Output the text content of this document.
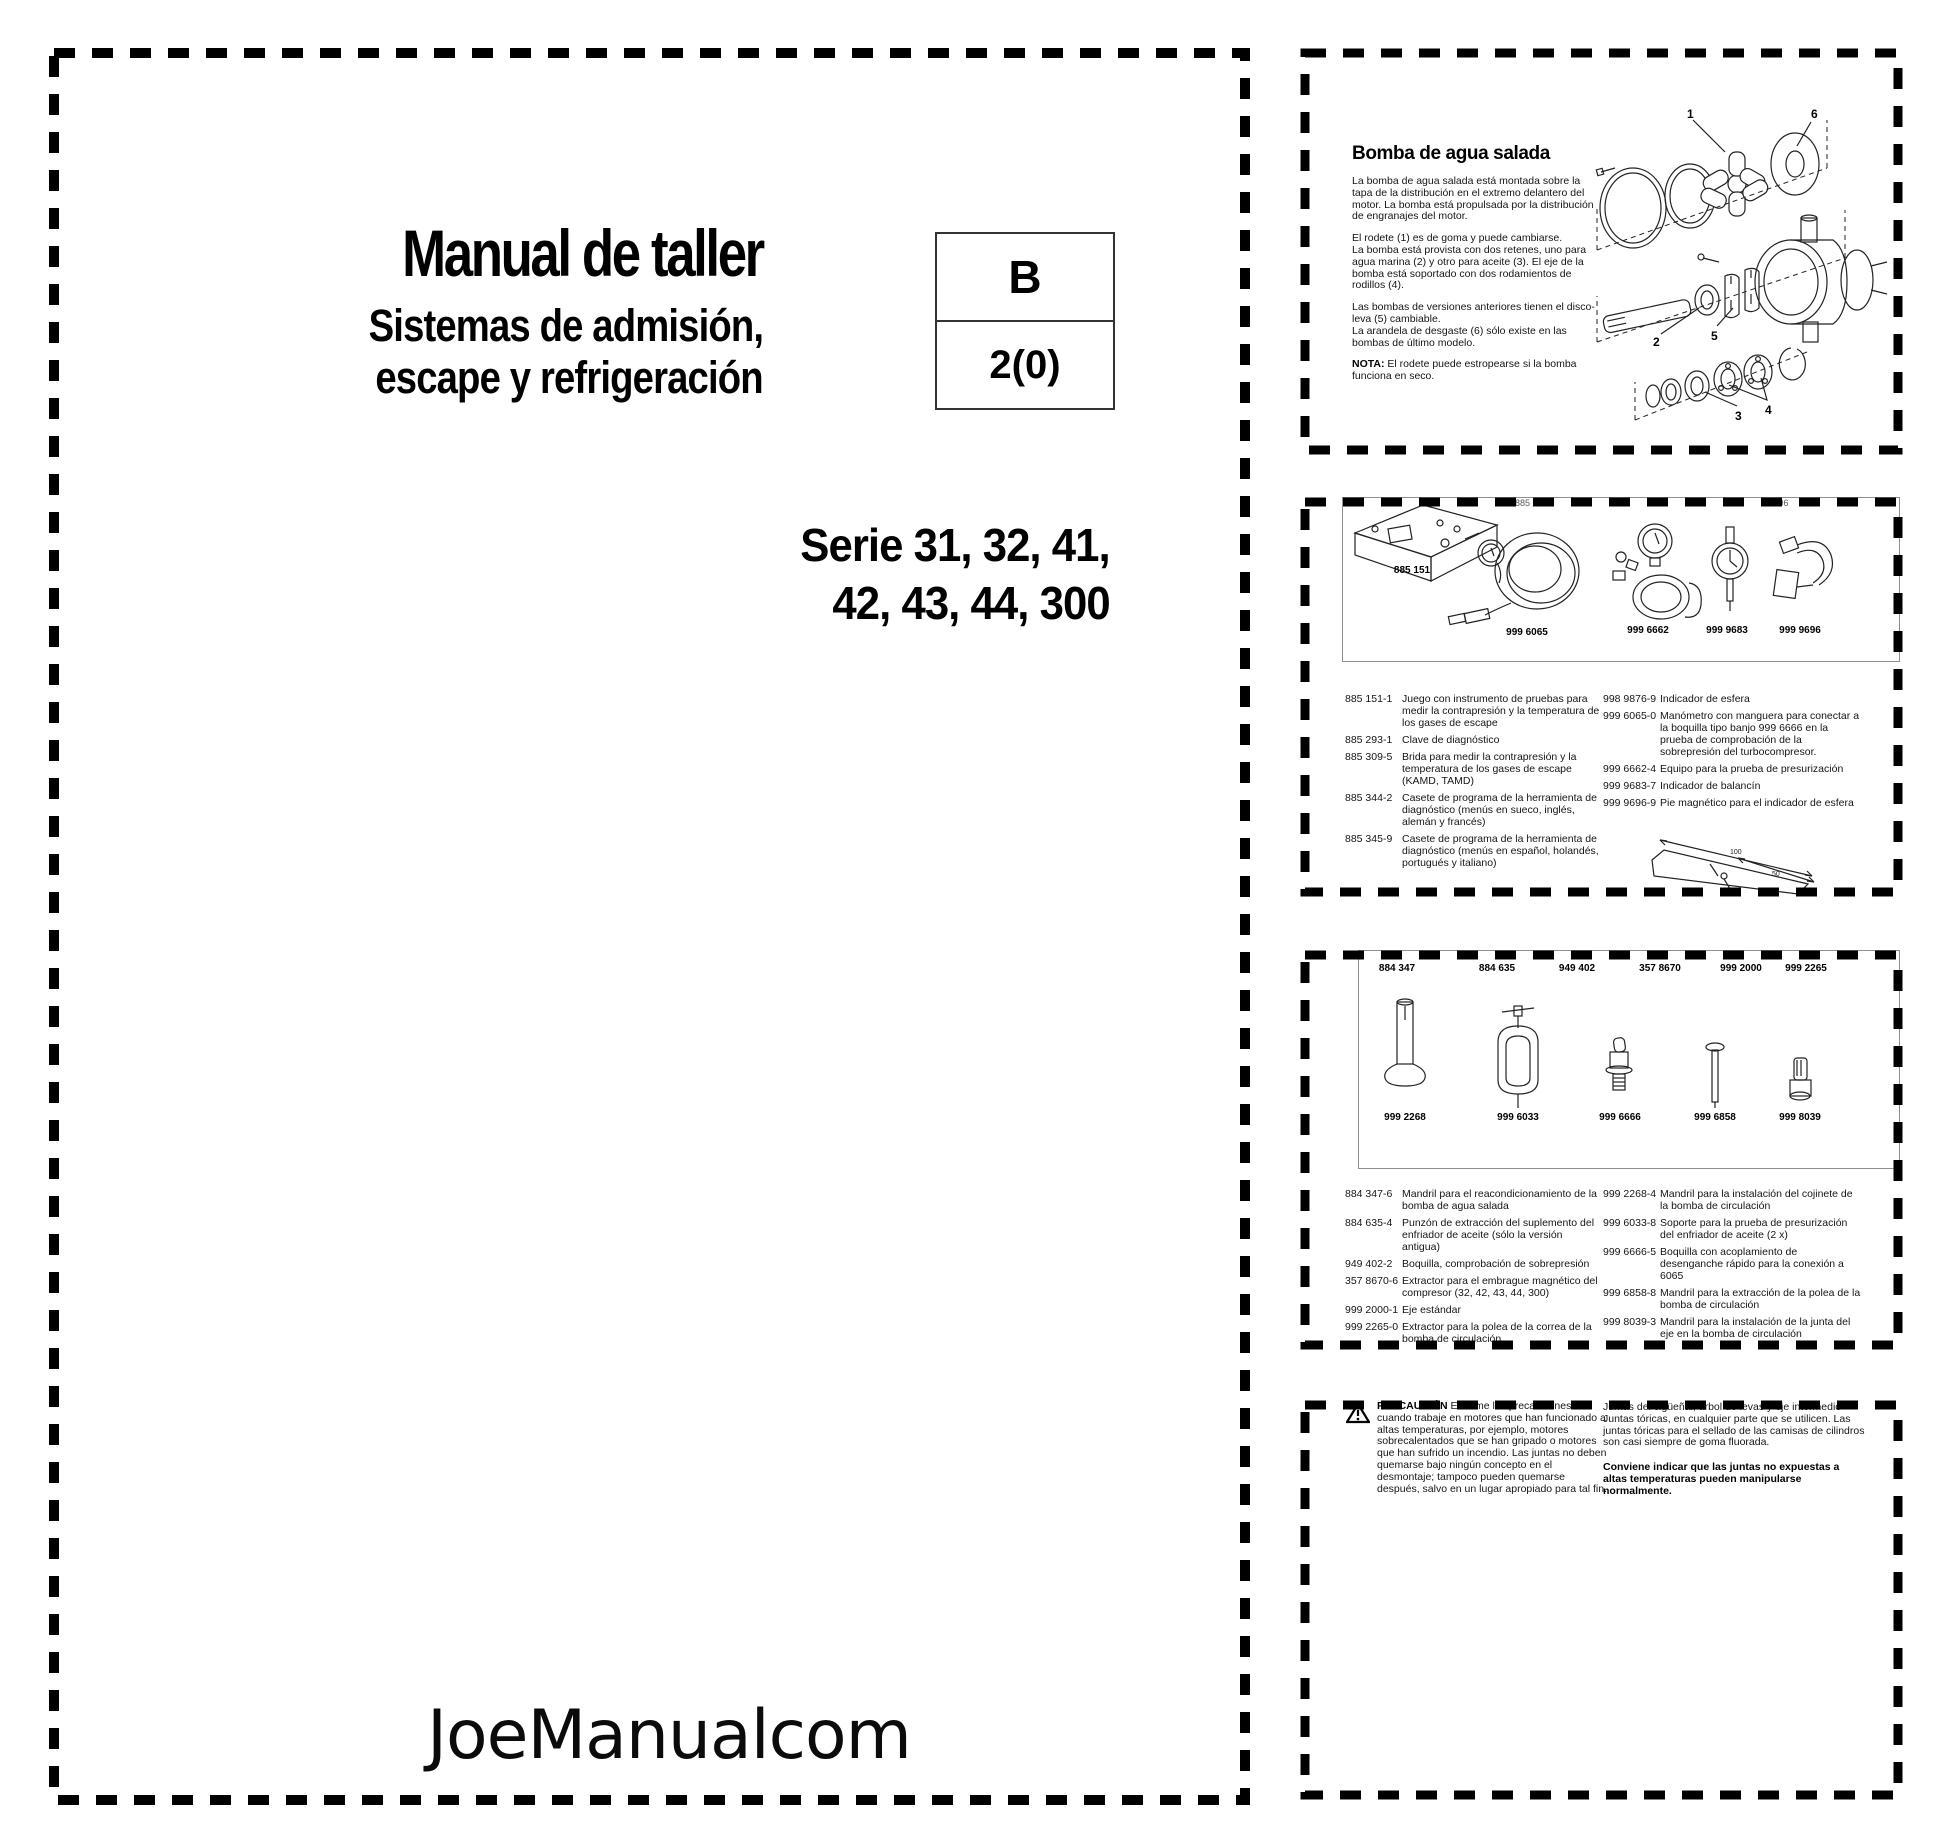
Manual de taller
Sistemas de admisión,
escape y refrigeración
B
2(0)
Serie 31, 32, 41,
42, 43, 44, 300
JoeManualcom
Bomba de agua salada

La bomba de agua salada está montada sobre la tapa de la distribución en el extremo delantero del motor. La bomba está propulsada por la distribución de engranajes del motor.

El rodete (1) es de goma y puede cambiarse.

La bomba está provista con dos retenes, uno para agua marina (2) y otro para aceite (3). El eje de la bomba está soportado con dos rodamientos de rodillos (4).

Las bombas de versiones anteriores tienen el disco-leva (5) cambiable.

La arandela de desgaste (6) sólo existe en las bombas de último modelo.

NOTA: El rodete puede estropearse si la bomba funciona en seco.

1	6
2	5
3 4
885 293	88	88	90 96
885 151
999 6065	999 6662	999 9683	999 9696
885 151-1 Juego con instrumento de pruebas para medir la contrapresión y la temperatura de los gases de escape
885 293-1 Clave de diagnóstico
885 309-5 Brida para medir la contrapresión y la temperatura de los gases de escape (KAMD, TAMD)
885 344-2 Casete de programa de la herramienta de diagnóstico (menús en sueco, inglés, alemán y francés)
885 345-9 Casete de programa de la herramienta de diagnóstico (menús en español, holandés, portugués y italiano)
998 9876-9 Indicador de esfera
999 6065-0 Manómetro con manguera para conectar a la boquilla tipo banjo 999 6666 en la prueba de comprobación de la sobrepresión del turbocompresor.
999 6662-4 Equipo para la prueba de presurización
999 9683-7 Indicador de balancín
999 9696-9 Pie magnético para el indicador de esfera
100
50
884 347	884 635	949 402	357 8670	999 2000 999 2265
999 2268	999 6033	999 6666	999 6858	999 8039
884 347-6 Mandril para el reacondicionamiento de la bomba de agua salada
884 635-4 Punzón de extracción del suplemento del enfriador de aceite (sólo la versión antigua)
949 402-2 Boquilla, comprobación de sobrepresión
357 8670-6 Extractor para el embrague magnético del compresor (32, 42, 43, 44, 300)
999 2000-1 Eje estándar
999 2265-0 Extractor para la polea de la correa de la bomba de circulación
999 2268-4 Mandril para la instalación del cojinete de la bomba de circulación
999 6033-8 Soporte para la prueba de presurización del enfriador de aceite (2 x)
999 6666-5 Boquilla con acoplamiento de desenganche rápido para la conexión a 6065
999 6858-8 Mandril para la extracción de la polea de la bomba de circulación
999 8039-3 Mandril para la instalación de la junta del eje en la bomba de circulación
PRECAUCIÓN Extreme las precauciones cuando trabaje en motores que han funcionado a altas temperaturas, por ejemplo, motores sobrecalentados que se han gripado o motores que han sufrido un incendio. Las juntas no deben quemarse bajo ningún concepto en el desmontaje; tampoco pueden quemarse después, salvo en un lugar apropiado para tal fin.
Juntas del cigüeñal, árbol de levas y eje intermedio
Juntas tóricas, en cualquier parte que se utilicen. Las juntas tóricas para el sellado de las camisas de cilindros son casi siempre de goma fluorada.
Conviene indicar que las juntas no expuestas a altas temperaturas pueden manipularse normalmente.
